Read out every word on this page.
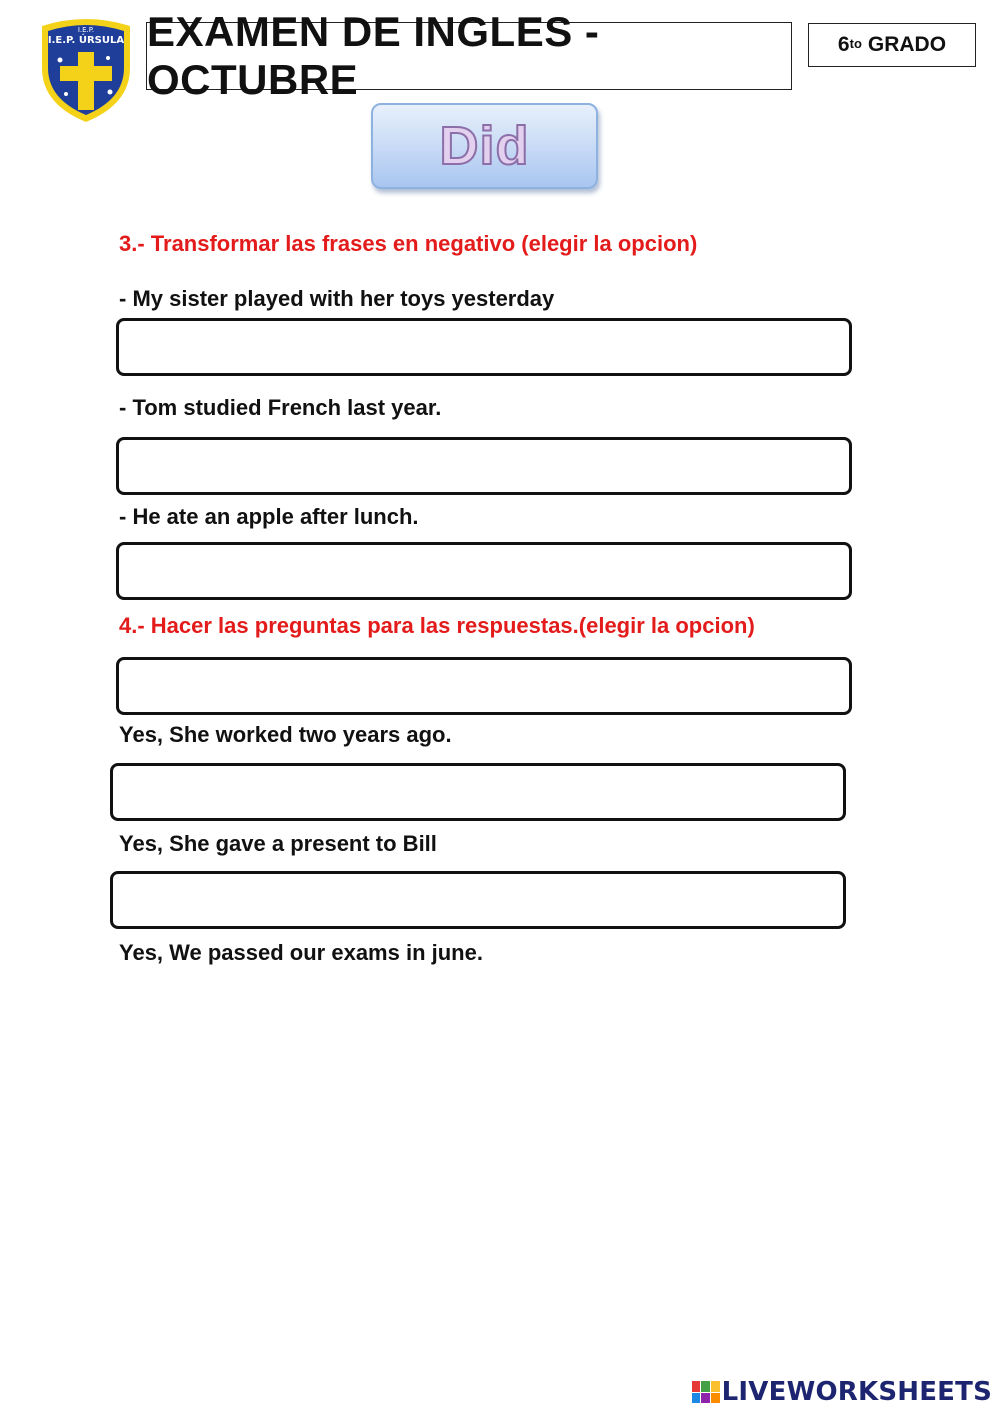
I.E.P.
I.E.P. ÚRSULA EXAMEN DE INGLES - OCTUBRE
$6^{to}$ GRADO
Did
3.- Transformar las frases en negativo (elegir la opcion)
- My sister played with her toys yesterday
- Tom studied French last year.
- He ate an apple after lunch.
4.- Hacer las preguntas para las respuestas.(elegir la opcion)
Yes, She worked two years ago.
Yes, She gave a present to Bill
Yes, We passed our exams in june.
LIVEWORKSHEETS
